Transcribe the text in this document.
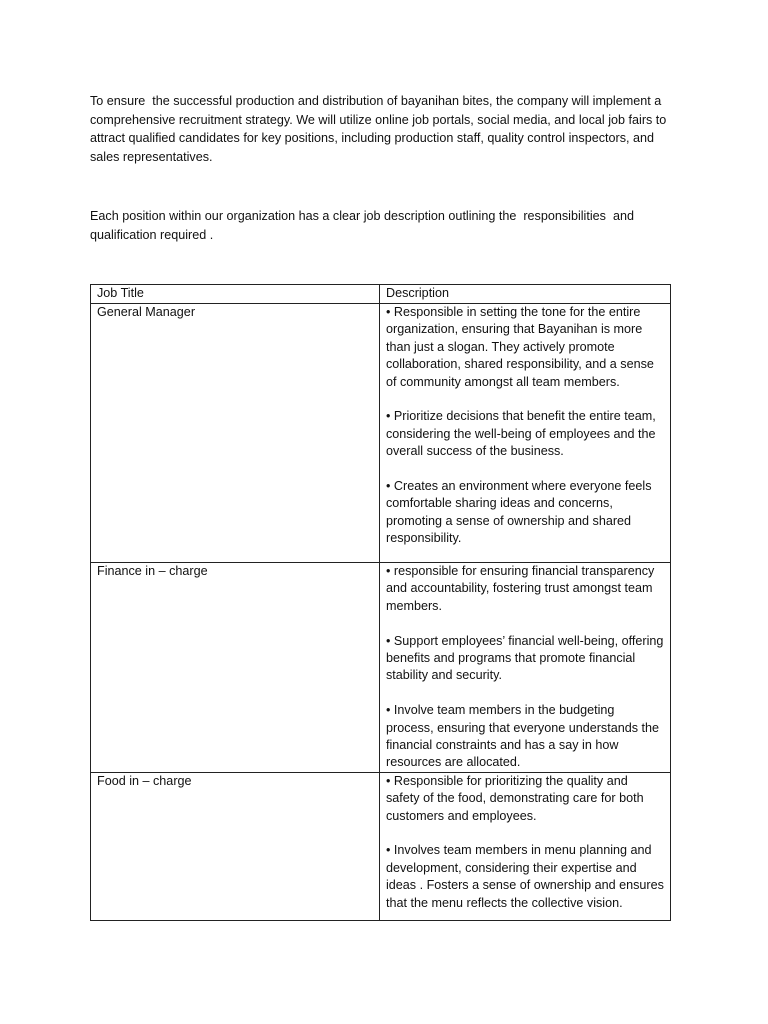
To ensure  the successful production and distribution of bayanihan bites, the company will implement a comprehensive recruitment strategy. We will utilize online job portals, social media, and local job fairs to attract qualified candidates for key positions, including production staff, quality control inspectors, and sales representatives.

Each position within our organization has a clear job description outlining the  responsibilities  and qualification required .

Job Title	Description
General Manager	• Responsible in setting the tone for the entire organization, ensuring that Bayanihan is more than just a slogan. They actively promote collaboration, shared responsibility, and a sense of community amongst all team members.

• Prioritize decisions that benefit the entire team, considering the well-being of employees and the overall success of the business.

• Creates an environment where everyone feels comfortable sharing ideas and concerns, promoting a sense of ownership and shared responsibility.

Finance in – charge	• responsible for ensuring financial transparency and accountability, fostering trust amongst team members.

• Support employees’ financial well-being, offering benefits and programs that promote financial stability and security.

• Involve team members in the budgeting process, ensuring that everyone understands the financial constraints and has a say in how resources are allocated.

Food in – charge	• Responsible for prioritizing the quality and safety of the food, demonstrating care for both customers and employees.

• Involves team members in menu planning and development, considering their expertise and ideas . Fosters a sense of ownership and ensures that the menu reflects the collective vision.
